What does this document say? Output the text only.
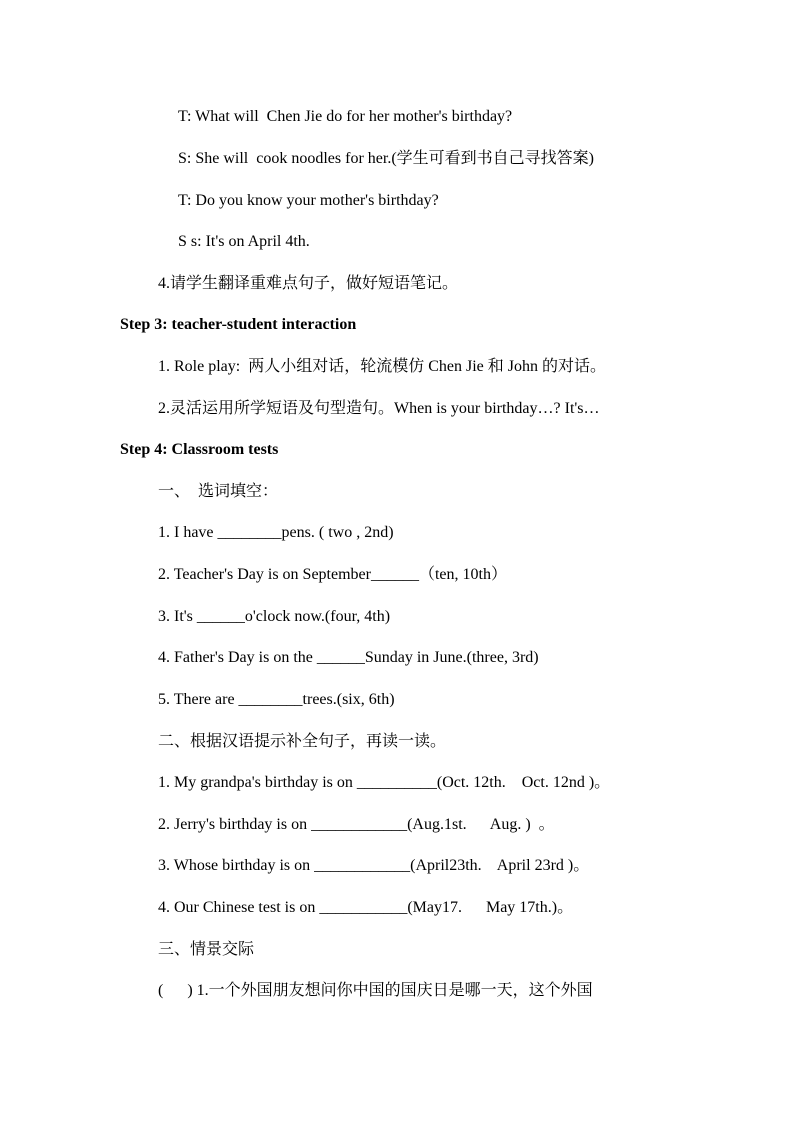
T: What will  Chen Jie do for her mother's birthday?
S: She will  cook noodles for her.(学生可看到书自己寻找答案)
T: Do you know your mother's birthday?
S s: It's on April 4th.
4.请学生翻译重难点句子，做好短语笔记。
Step 3: teacher-student interaction
1. Role play:  两人小组对话，轮流模仿 Chen Jie 和 John 的对话。
2.灵活运用所学短语及句型造句。When is your birthday…? It's…
Step 4: Classroom tests
一、  选词填空：
1. I have ________pens. ( two , 2nd)
2. Teacher's Day is on September______（ten, 10th）
3. It's ______o'clock now.(four, 4th)
4. Father's Day is on the ______Sunday in June.(three, 3rd)
5. There are ________trees.(six, 6th)
二、根据汉语提示补全句子，再读一读。
1. My grandpa's birthday is on __________(Oct. 12th.    Oct. 12nd )。
2. Jerry's birthday is on ____________(Aug.1st.      Aug. )  。
3. Whose birthday is on ____________(April23th.    April 23rd )。
4. Our Chinese test is on ___________(May17.      May 17th.)。
三、情景交际
(      ) 1.一个外国朋友想问你中国的国庆日是哪一天，这个外国
